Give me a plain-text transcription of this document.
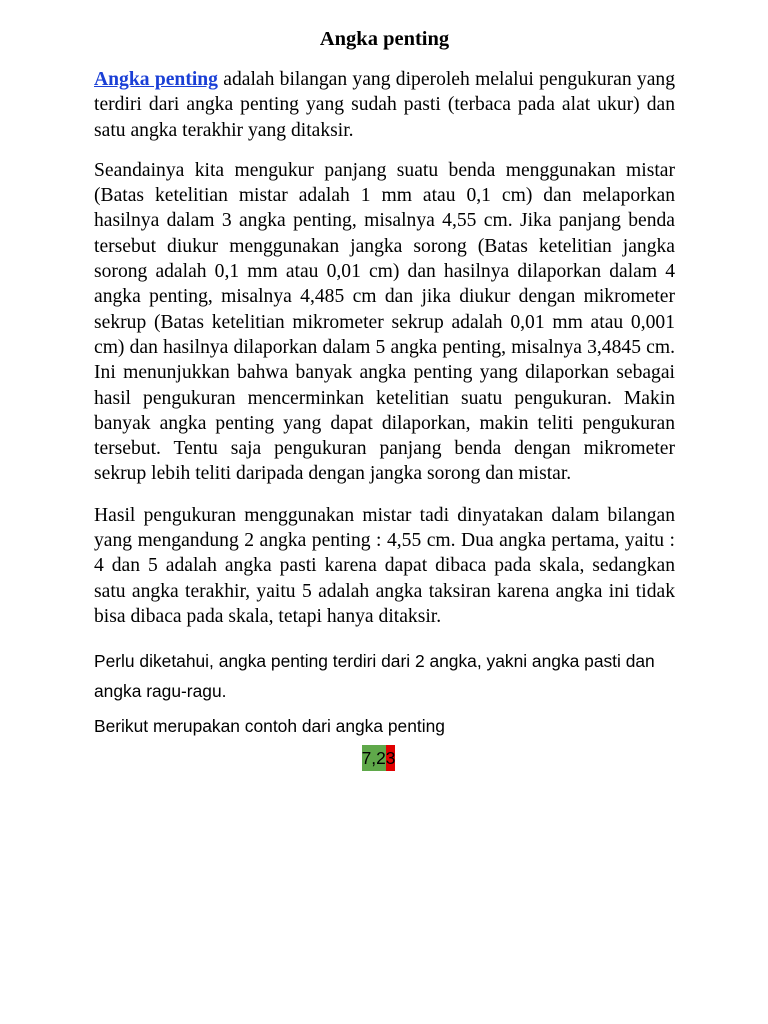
Angka penting

Angka penting adalah bilangan yang diperoleh melalui pengukuran yang terdiri dari angka penting yang sudah pasti (terbaca pada alat ukur) dan satu angka terakhir yang ditaksir.

Seandainya kita mengukur panjang suatu benda menggunakan mistar (Batas ketelitian mistar adalah 1 mm atau 0,1 cm) dan melaporkan hasilnya dalam 3 angka penting, misalnya 4,55 cm. Jika panjang benda tersebut diukur menggunakan jangka sorong (Batas ketelitian jangka sorong adalah 0,1 mm atau 0,01 cm) dan hasilnya dilaporkan dalam 4 angka penting, misalnya 4,485 cm dan jika diukur dengan mikrometer sekrup (Batas ketelitian mikrometer sekrup adalah 0,01 mm atau 0,001 cm) dan hasilnya dilaporkan dalam 5 angka penting, misalnya 3,4845 cm. Ini menunjukkan bahwa banyak angka penting yang dilaporkan sebagai hasil pengukuran mencerminkan ketelitian suatu pengukuran. Makin banyak angka penting yang dapat dilaporkan, makin teliti pengukuran tersebut. Tentu saja pengukuran panjang benda dengan mikrometer sekrup lebih teliti daripada dengan jangka sorong dan mistar.

Hasil pengukuran menggunakan mistar tadi dinyatakan dalam bilangan yang mengandung 2 angka penting : 4,55 cm. Dua angka pertama, yaitu : 4 dan 5 adalah angka pasti karena dapat dibaca pada skala, sedangkan satu angka terakhir, yaitu 5 adalah angka taksiran karena angka ini tidak bisa dibaca pada skala, tetapi hanya ditaksir.

Perlu diketahui, angka penting terdiri dari 2 angka, yakni angka pasti dan angka ragu-ragu.

Berikut merupakan contoh dari angka penting

7,23
